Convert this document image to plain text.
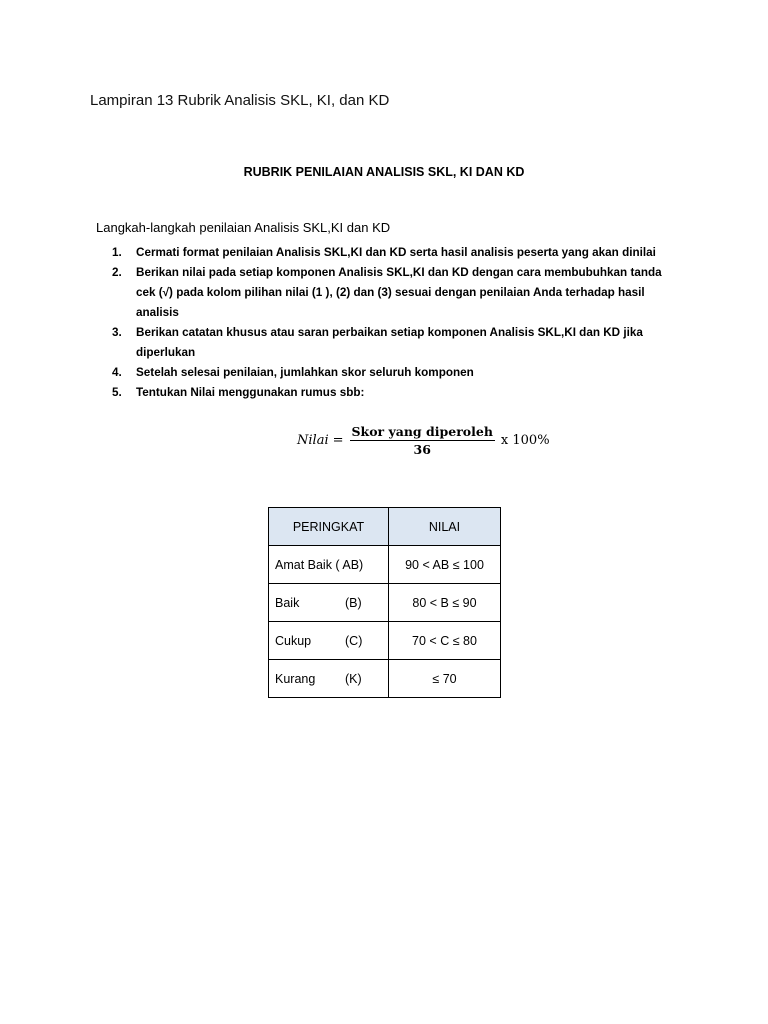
Lampiran 13 Rubrik Analisis SKL, KI, dan KD
RUBRIK PENILAIAN ANALISIS SKL, KI DAN KD

Langkah-langkah penilaian Analisis SKL,KI dan KD

1. Cermati format penilaian Analisis SKL,KI dan KD serta hasil analisis peserta yang akan dinilai
2. Berikan nilai pada setiap komponen Analisis SKL,KI dan KD dengan cara membubuhkan tanda cek (√) pada kolom pilihan nilai (1 ), (2) dan (3) sesuai dengan penilaian Anda terhadap hasil analisis
3. Berikan catatan khusus atau saran perbaikan setiap komponen Analisis SKL,KI dan KD jika diperlukan
4. Setelah selesai penilaian, jumlahkan skor seluruh komponen
5. Tentukan Nilai menggunakan rumus sbb:
Nilai = $\frac{\text{Skor yang diperoleh}}{36}$ x 100%
PERINGKAT	NILAI
Amat Baik ( AB)	90 < AB ≤ 100
Baik (B)	80 < B ≤ 90
Cukup (C)	70 < C ≤ 80
Kurang (K)	≤ 70
